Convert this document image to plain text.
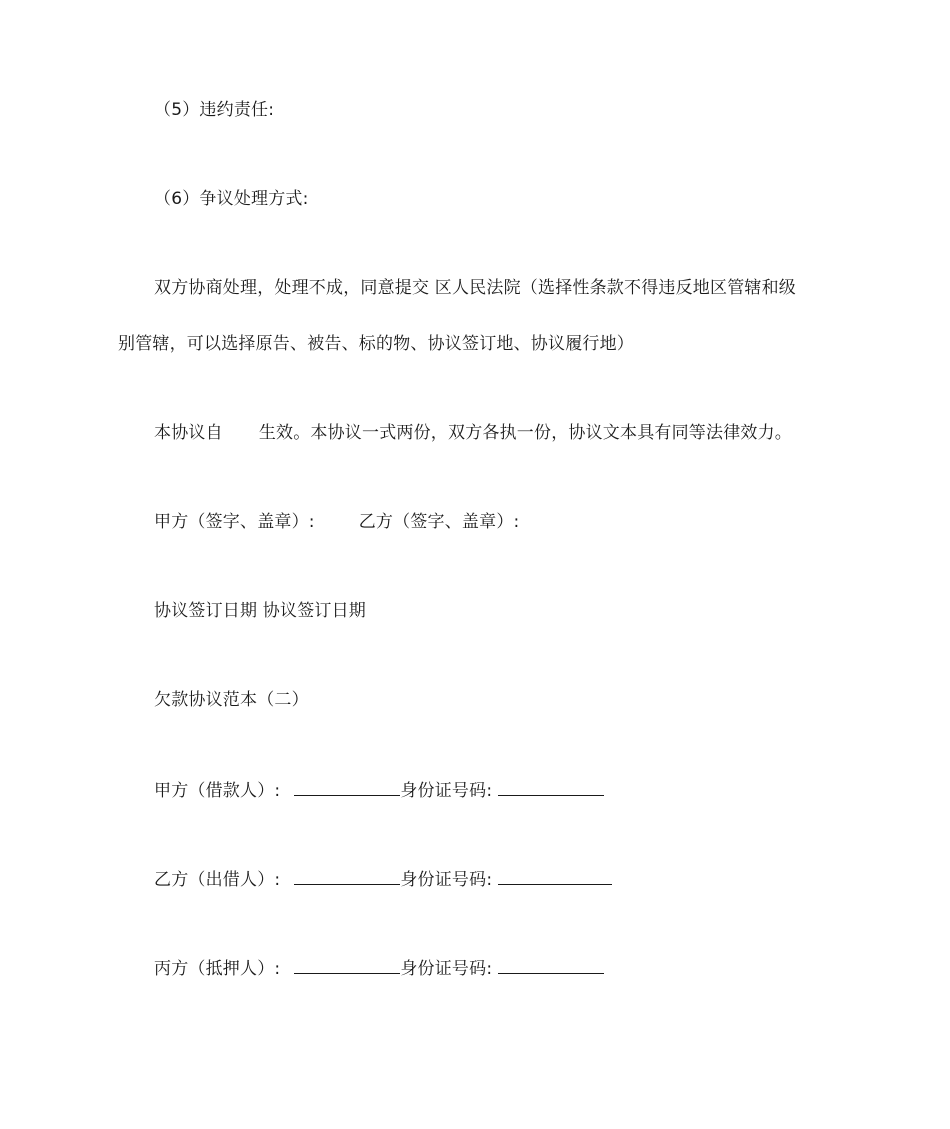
（5）违约责任:
（6）争议处理方式:
双方协商处理，处理不成，同意提交 区人民法院（选择性条款不得违反地区管辖和级
别管辖，可以选择原告、被告、标的物、协议签订地、协议履行地）
本协议自 生效。本协议一式两份，双方各执一份，协议文本具有同等法律效力。
甲方（签字、盖章）:	乙方（签字、盖章）:
协议签订日期 协议签订日期
欠款协议范本（二）
甲方（借款人）:	身份证号码:
乙方（出借人）:	身份证号码:
丙方（抵押人）:	身份证号码:
